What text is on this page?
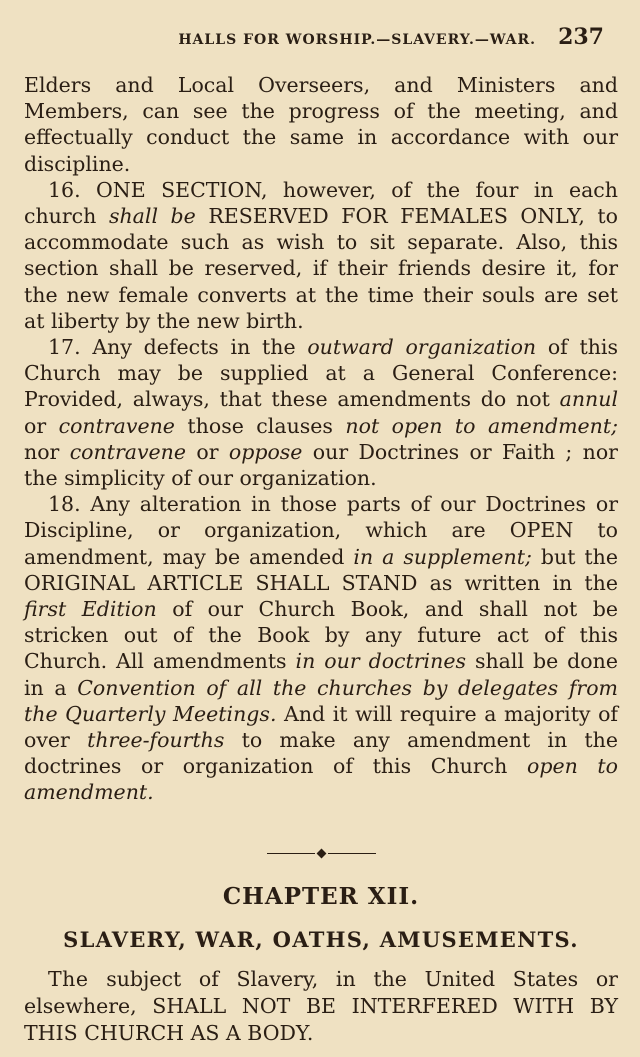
HALLS FOR WORSHIP.—SLAVERY.—WAR. 237

Elders and Local Overseers, and Ministers and Members, can see the progress of the meeting, and effectually conduct the same in accordance with our discipline.

16. ONE SECTION, however, of the four in each church shall be RESERVED FOR FEMALES ONLY, to accommodate such as wish to sit separate. Also, this section shall be reserved, if their friends desire it, for the new female converts at the time their souls are set at liberty by the new birth.

17. Any defects in the outward organization of this Church may be supplied at a General Conference: Provided, always, that these amendments do not annul or contravene those clauses not open to amendment; nor contravene or oppose our Doctrines or Faith ; nor the simplicity of our organization.

18. Any alteration in those parts of our Doctrines or Discipline, or organization, which are OPEN to amendment, may be amended in a supplement; but the ORIGINAL ARTICLE SHALL STAND as written in the first Edition of our Church Book, and shall not be stricken out of the Book by any future act of this Church. All amendments in our doctrines shall be done in a Convention of all the churches by delegates from the Quarterly Meetings. And it will require a majority of over three-fourths to make any amendment in the doctrines or organization of this Church open to amendment.

CHAPTER XII.
SLAVERY, WAR, OATHS, AMUSEMENTS.

The subject of Slavery, in the United States or elsewhere, SHALL NOT BE INTERFERED WITH BY THIS CHURCH AS A BODY.
